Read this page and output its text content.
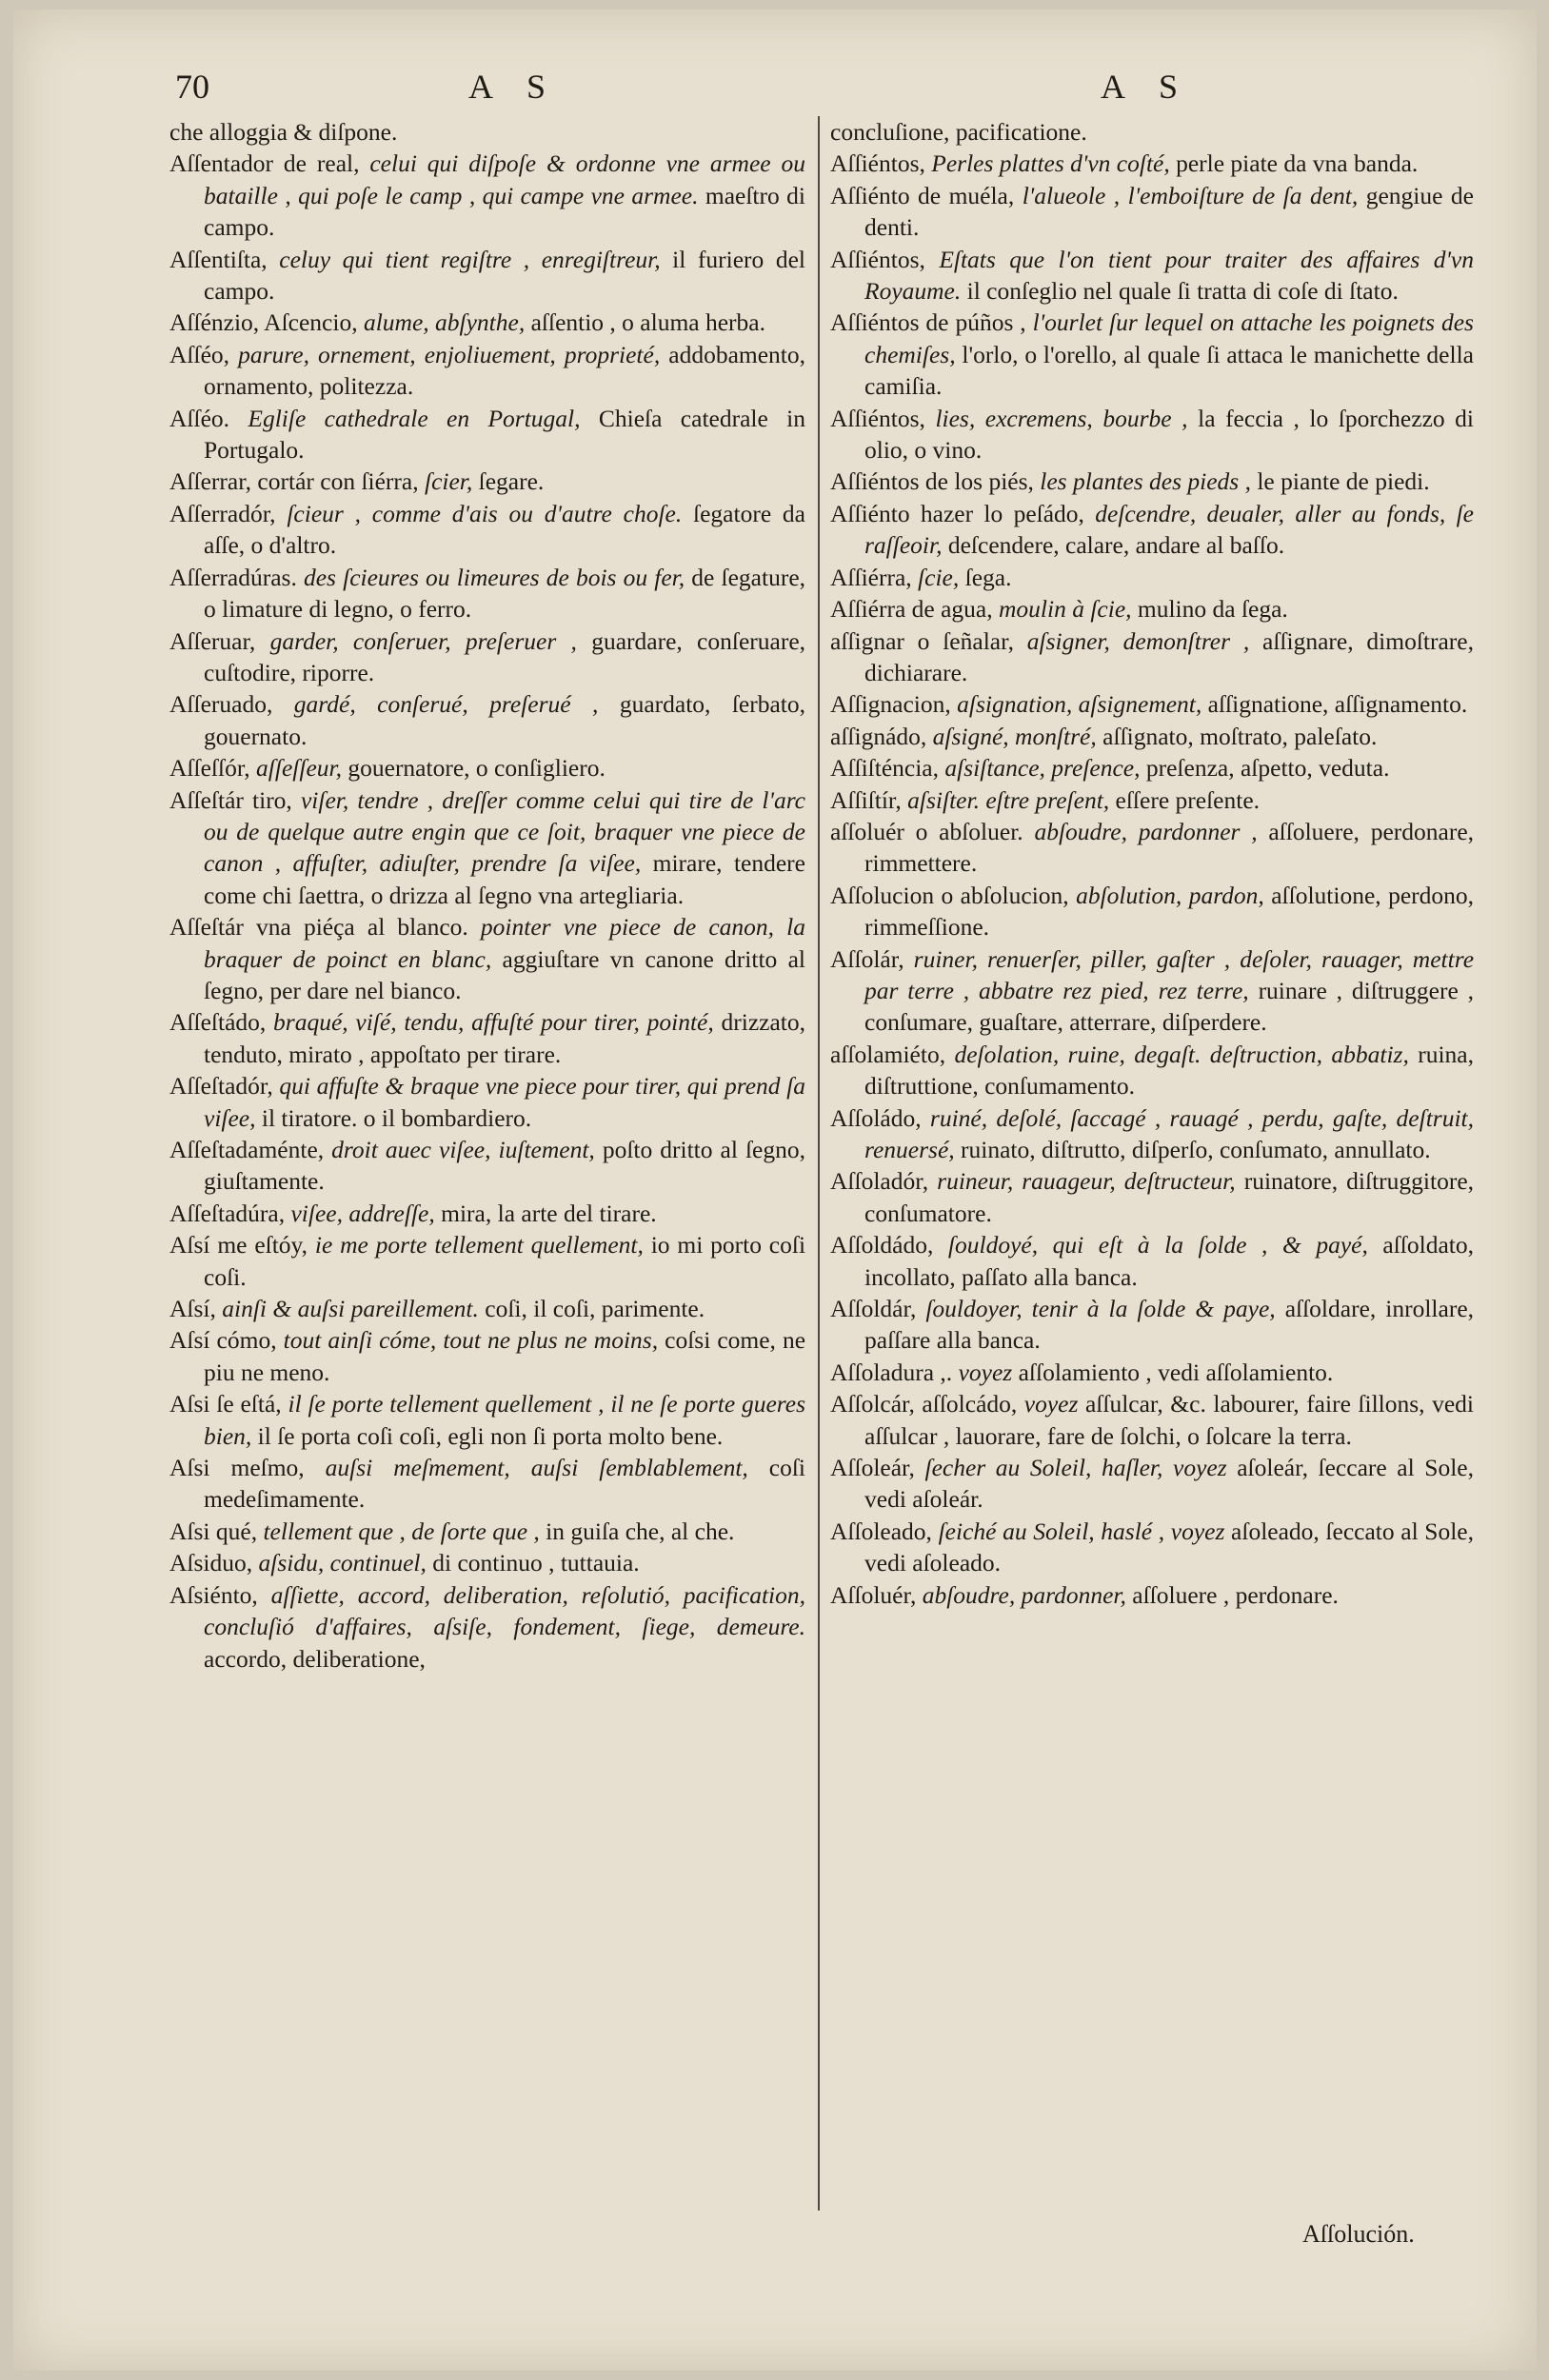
70	A S	A S

che alloggia & diſpone.

Aſſentador de real, celui qui diſpoſe & ordonne vne armee ou bataille , qui poſe le camp , qui campe vne armee. maeſtro di campo.

Aſſentiſta, celuy qui tient regiſtre , enregiſtreur, il furiero del campo.

Aſſénzio, Aſcencio, alume, abſynthe, aſſentio , o aluma herba.

Aſſéo, parure, ornement, enjoliuement, proprieté, addobamento, ornamento, politezza.

Aſſéo. Egliſe cathedrale en Portugal, Chieſa catedrale in Portugalo.

Aſſerrar, cortár con ſiérra, ſcier, ſegare.

Aſſerradór, ſcieur , comme d'ais ou d'autre choſe. ſegatore da aſſe, o d'altro.

Aſſerradúras. des ſcieures ou limeures de bois ou fer, de ſegature, o limature di legno, o ferro.

Aſſeruar, garder, conſeruer, preſeruer , guardare, conſeruare, cuſtodire, riporre.

Aſſeruado, gardé, conſerué, preſerué , guardato, ſerbato, gouernato.

Aſſeſſór, aſſeſſeur, gouernatore, o conſigliero.

Aſſeſtár tiro, viſer, tendre , dreſſer comme celui qui tire de l'arc ou de quelque autre engin que ce ſoit, braquer vne piece de canon , affuſter, adiuſter, prendre ſa viſee, mirare, tendere come chi ſaettra, o drizza al ſegno vna artegliaria.

Aſſeſtár vna piéça al blanco. pointer vne piece de canon, la braquer de poinct en blanc, aggiuſtare vn canone dritto al ſegno, per dare nel bianco.

Aſſeſtádo, braqué, viſé, tendu, affuſté pour tirer, pointé, drizzato, tenduto, mirato , appoſtato per tirare.

Aſſeſtadór, qui affuſte & braque vne piece pour tirer, qui prend ſa viſee, il tiratore. o il bombardiero.

Aſſeſtadaménte, droit auec viſee, iuſtement, poſto dritto al ſegno, giuſtamente.

Aſſeſtadúra, viſee, addreſſe, mira, la arte del tirare.

Aſsí me eſtóy, ie me porte tellement quellement, io mi porto coſi coſi.

Aſsí, ainſi & auſsi pareillement. coſi, il coſi, parimente.

Aſsí cómo, tout ainſi cóme, tout ne plus ne moins, coſsi come, ne piu ne meno.

Aſsi ſe eſtá, il ſe porte tellement quellement , il ne ſe porte gueres bien, il ſe porta coſi coſi, egli non ſi porta molto bene.

Aſsi meſmo, auſsi meſmement, auſsi ſemblablement, coſi medeſimamente.

Aſsi qué, tellement que , de ſorte que , in guiſa che, al che.

Aſsiduo, aſsidu, continuel, di continuo , tuttauia.

Aſsiénto, aſſiette, accord, deliberation, reſolutió, pacification, concluſió d'affaires, aſsiſe, fondement, ſiege, demeure. accordo, deliberatione,

concluſione, pacificatione.

Aſſiéntos, Perles plattes d'vn coſté, perle piate da vna banda.

Aſſiénto de muéla, l'alueole , l'emboiſture de ſa dent, gengiue de denti.

Aſſiéntos, Eſtats que l'on tient pour traiter des affaires d'vn Royaume. il conſeglio nel quale ſi tratta di coſe di ſtato.

Aſſiéntos de púños , l'ourlet ſur lequel on attache les poignets des chemiſes, l'orlo, o l'orello, al quale ſi attaca le manichette della camiſia.

Aſſiéntos, lies, excremens, bourbe , la feccia , lo ſporchezzo di olio, o vino.

Aſſiéntos de los piés, les plantes des pieds , le piante de piedi.

Aſſiénto hazer lo peſádo, deſcendre, deualer, aller au fonds, ſe raſſeoir, deſcendere, calare, andare al baſſo.

Aſſiérra, ſcie, ſega.

Aſſiérra de agua, moulin à ſcie, mulino da ſega.

aſſignar o ſeñalar, aſsigner, demonſtrer , aſſignare, dimoſtrare, dichiarare.

Aſſignacion, aſsignation, aſsignement, aſſignatione, aſſignamento.

aſſignádo, aſsigné, monſtré, aſſignato, moſtrato, paleſato.

Aſſiſténcia, aſsiſtance, preſence, preſenza, aſpetto, veduta.

Aſſiſtír, aſsiſter. eſtre preſent, eſſere preſente.

aſſoluér o abſoluer. abſoudre, pardonner , aſſoluere, perdonare, rimmettere.

Aſſolucion o abſolucion, abſolution, pardon, aſſolutione, perdono, rimmeſſione.

Aſſolár, ruiner, renuerſer, piller, gaſter , deſoler, rauager, mettre par terre , abbatre rez pied, rez terre, ruinare , diſtruggere , conſumare, guaſtare, atterrare, diſperdere.

aſſolamiéto, deſolation, ruine, degaſt. deſtruction, abbatiz, ruina, diſtruttione, conſumamento.

Aſſoládo, ruiné, deſolé, ſaccagé , rauagé , perdu, gaſte, deſtruit, renuersé, ruinato, diſtrutto, diſperſo, conſumato, annullato.

Aſſoladór, ruineur, rauageur, deſtructeur, ruinatore, diſtruggitore, conſumatore.

Aſſoldádo, ſouldoyé, qui eſt à la ſolde , & payé, aſſoldato, incollato, paſſato alla banca.

Aſſoldár, ſouldoyer, tenir à la ſolde & paye, aſſoldare, inrollare, paſſare alla banca.

Aſſoladura ,. voyez aſſolamiento , vedi aſſolamiento.

Aſſolcár, aſſolcádo, voyez aſſulcar, &c. labourer, faire ſillons, vedi aſſulcar , lauorare, fare de ſolchi, o ſolcare la terra.

Aſſoleár, ſecher au Soleil, haſler, voyez aſoleár, ſeccare al Sole, vedi aſoleár.

Aſſoleado, ſeiché au Soleil, haslé , voyez aſoleado, ſeccato al Sole, vedi aſoleado.

Aſſoluér, abſoudre, pardonner, aſſoluere , perdonare.

Aſſolución.
